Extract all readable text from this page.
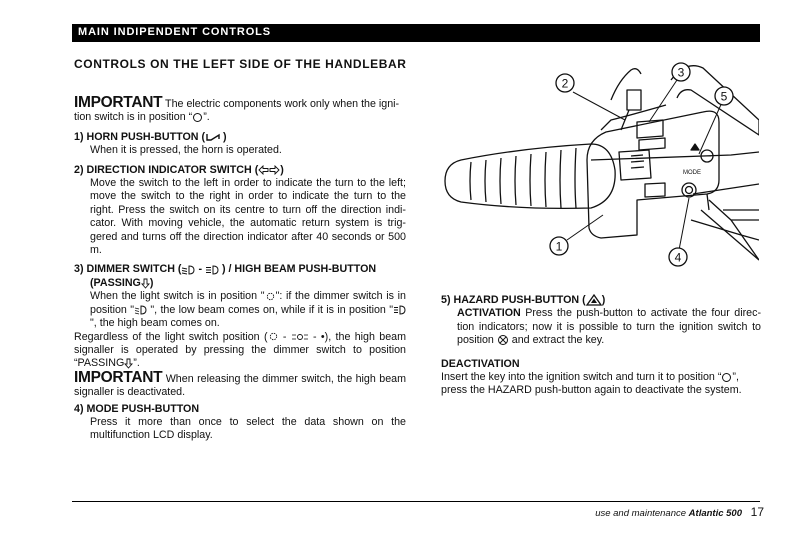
MAIN INDIPENDENT CONTROLS
CONTROLS ON THE LEFT SIDE OF THE HANDLEBAR

IMPORTANT The electric components work only when the igni-
tion switch is in position “ ”.

1) HORN PUSH-BUTTON ( )

When it is pressed, the horn is operated.

2) DIRECTION INDICATOR SWITCH ( )

Move the switch to the left in order to indicate the turn to the left; move the switch to the right in order to indicate the turn to the right. Press the switch on its centre to turn off the direction indi-cator. With moving vehicle, the automatic return system is trig-gered and turns off the direction indicator after 40 seconds or 500 m.

3) DIMMER SWITCH ( -  ) / HIGH BEAM PUSH-BUTTON

(PASSING )

When the light switch is in position " ": if the dimmer switch is in position " ", the low beam comes on, while if it is in position "", the high beam comes on.

Regardless of the light switch position ( -  - •), the high beam signaller is operated by pressing the dimmer switch to position “PASSING ”.

IMPORTANT When releasing the dimmer switch, the high beam signaller is deactivated.

4) MODE PUSH-BUTTON

Press it more than once to select the data shown on the multifunction LCD display.

MODE
2
3
5
1
4

5) HAZARD PUSH-BUTTON ( )

ACTIVATION Press the push-button to activate the four direc-tion indicators; now it is possible to turn the ignition switch to position  and extract the key.

DEACTIVATION

Insert the key into the ignition switch and turn it to position “ ”, press the HAZARD push-button again to deactivate the system.

use and maintenance Atlantic 500 17
